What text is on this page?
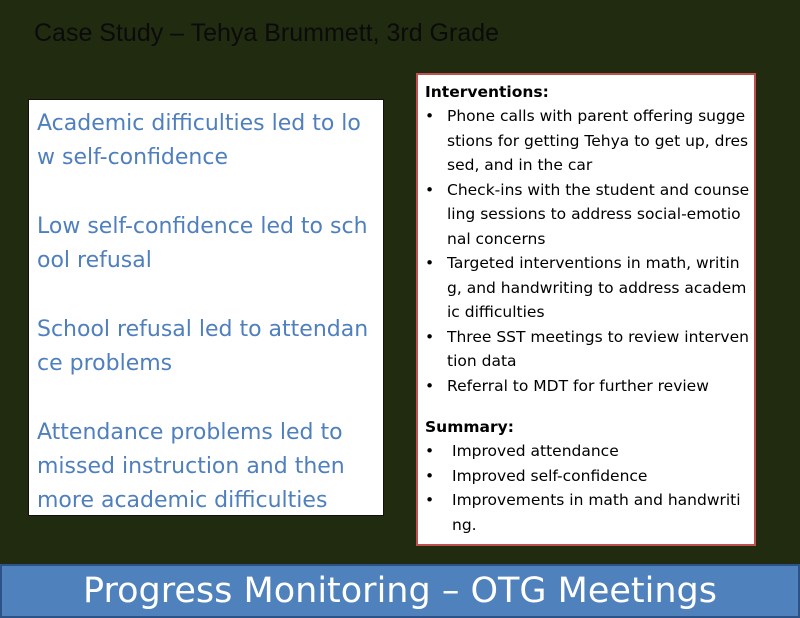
Case Study – Tehya Brummett, 3rd Grade
Academic difficulties led to low self-confidence
Low self-confidence led to school refusal
School refusal led to attendance problems
Attendance problems led to missed instruction and then more academic difficulties
Interventions:
• Phone calls with parent offering suggestions for getting Tehya to get up, dressed, and in the car
• Check-ins with the student and counseling sessions to address social-emotional concerns
• Targeted interventions in math, writing, and handwriting to address academic difficulties
• Three SST meetings to review intervention data
• Referral to MDT for further review
Summary:
•	Improved attendance
•	Improved self-confidence
•	Improvements in math and handwriting.
Progress Monitoring – OTG Meetings
